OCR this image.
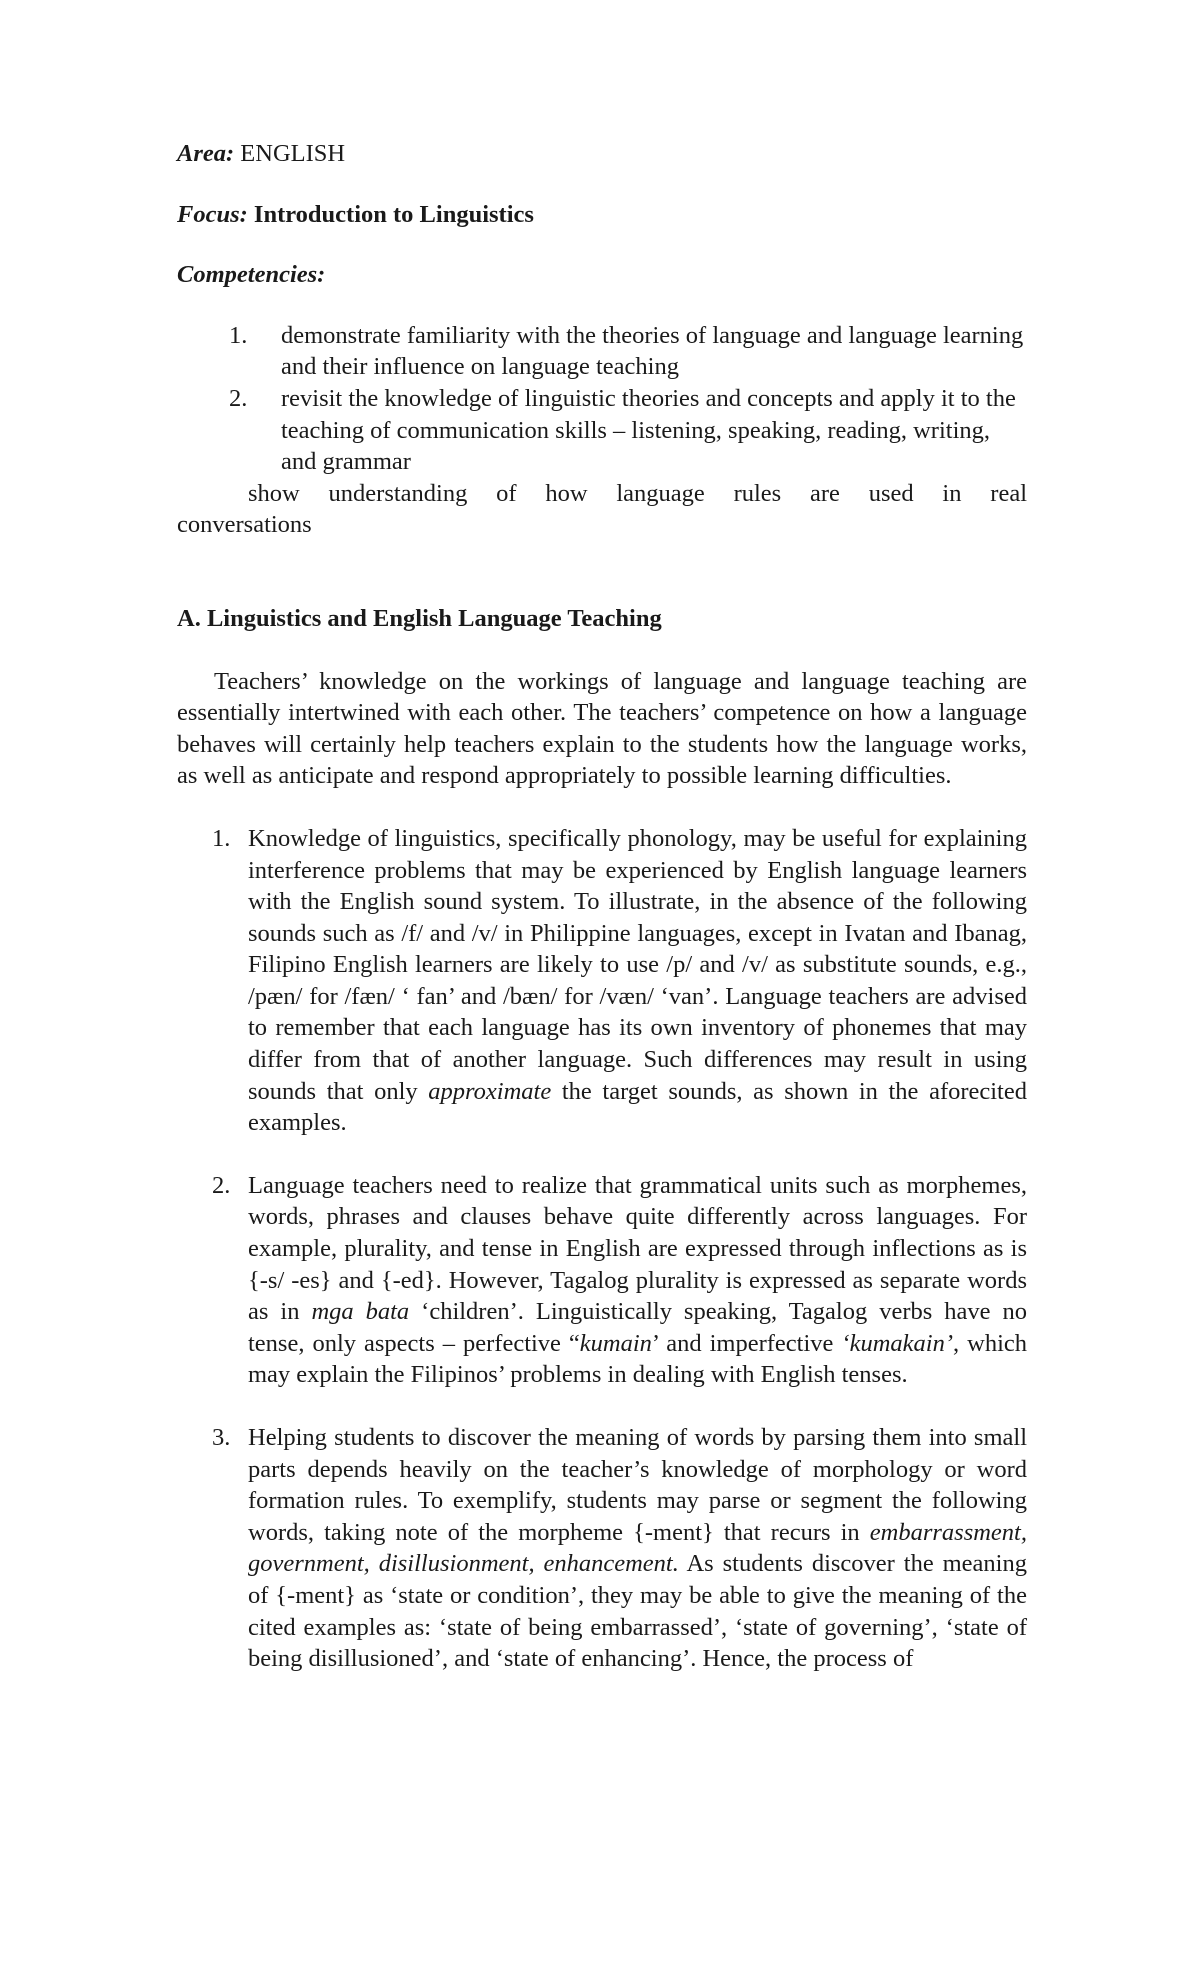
Area: ENGLISH

Focus: Introduction to Linguistics

Competencies:

1. demonstrate familiarity with the theories of language and language learning and their influence on language teaching
2. revisit the knowledge of linguistic theories and concepts and apply it to the teaching of communication skills – listening, speaking, reading, writing, and grammar

show understanding of how language rules are used in real

conversations

A. Linguistics and English Language Teaching

Teachers’ knowledge on the workings of language and language teaching are essentially intertwined with each other. The teachers’ competence on how a language behaves will certainly help teachers explain to the students how the language works, as well as anticipate and respond appropriately to possible learning difficulties.

1. Knowledge of linguistics, specifically phonology, may be useful for explaining interference problems that may be experienced by English language learners with the English sound system. To illustrate, in the absence of the following sounds such as /f/ and /v/ in Philippine languages, except in Ivatan and Ibanag, Filipino English learners are likely to use /p/ and /v/ as substitute sounds, e.g., /pæn/ for /fæn/ ‘ fan’ and /bæn/ for /væn/ ‘van’. Language teachers are advised to remember that each language has its own inventory of phonemes that may differ from that of another language. Such differences may result in using sounds that only approximate the target sounds, as shown in the aforecited examples.
2. Language teachers need to realize that grammatical units such as morphemes, words, phrases and clauses behave quite differently across languages. For example, plurality, and tense in English are expressed through inflections as is {-s/ -es} and {-ed}. However, Tagalog plurality is expressed as separate words as in mga bata ‘children’. Linguistically speaking, Tagalog verbs have no tense, only aspects – perfective “kumain’ and imperfective ‘kumakain’, which may explain the Filipinos’ problems in dealing with English tenses.
3. Helping students to discover the meaning of words by parsing them into small parts depends heavily on the teacher’s knowledge of morphology or word formation rules. To exemplify, students may parse or segment the following words, taking note of the morpheme {-ment} that recurs in embarrassment, government, disillusionment, enhancement. As students discover the meaning of {-ment} as ‘state or condition’, they may be able to give the meaning of the cited examples as: ‘state of being embarrassed’, ‘state of governing’, ‘state of being disillusioned’, and ‘state of enhancing’. Hence, the process of
